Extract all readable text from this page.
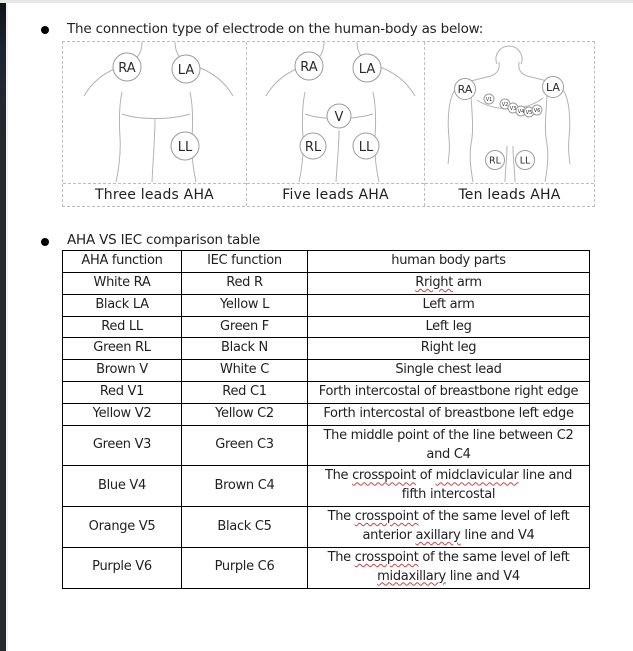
The connection type of electrode on the human-body as below:
RA	LA
LL
Three leads AHA
RA	LA
V
RL	LL
Five leads AHA
RA	LA
V1
V2
V3 V4 V5 V6
RL LL
Ten leads AHA
AHA VS IEC comparison table
AHA function	IEC function	human body parts
White RA	Red R	Rright arm
Black LA	Yellow L	Left arm
Red LL	Green F	Left leg
Green RL	Black N	Right leg
Brown V	White C	Single chest lead
Red V1	Red C1	Forth intercostal of breastbone right edge
Yellow V2	Yellow C2	Forth intercostal of breastbone left edge
Green V3	Green C3	The middle point of the line between C2 and C4
Blue V4	Brown C4	The crosspoint of midclavicular line and fifth intercostal
Orange V5	Black C5	The crosspoint of the same level of left anterior axillary line and V4
Purple V6	Purple C6	The crosspoint of the same level of left midaxillary line and V4
